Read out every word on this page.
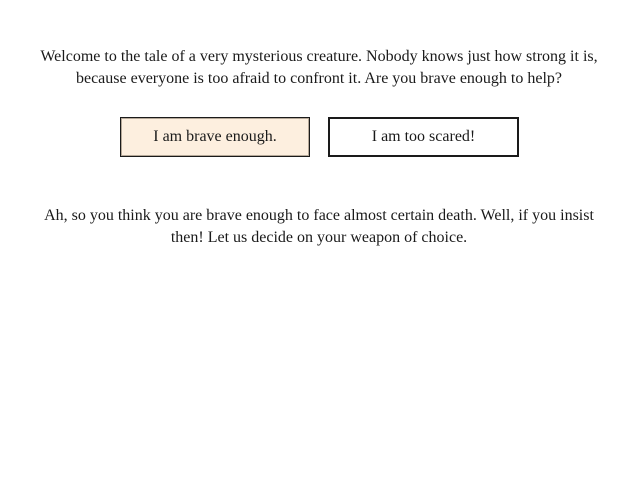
Welcome to the tale of a very mysterious creature. Nobody knows just how strong it is, because everyone is too afraid to confront it. Are you brave enough to help?

I am brave enough.	I am too scared!

Ah, so you think you are brave enough to face almost certain death. Well, if you insist then! Let us decide on your weapon of choice.
